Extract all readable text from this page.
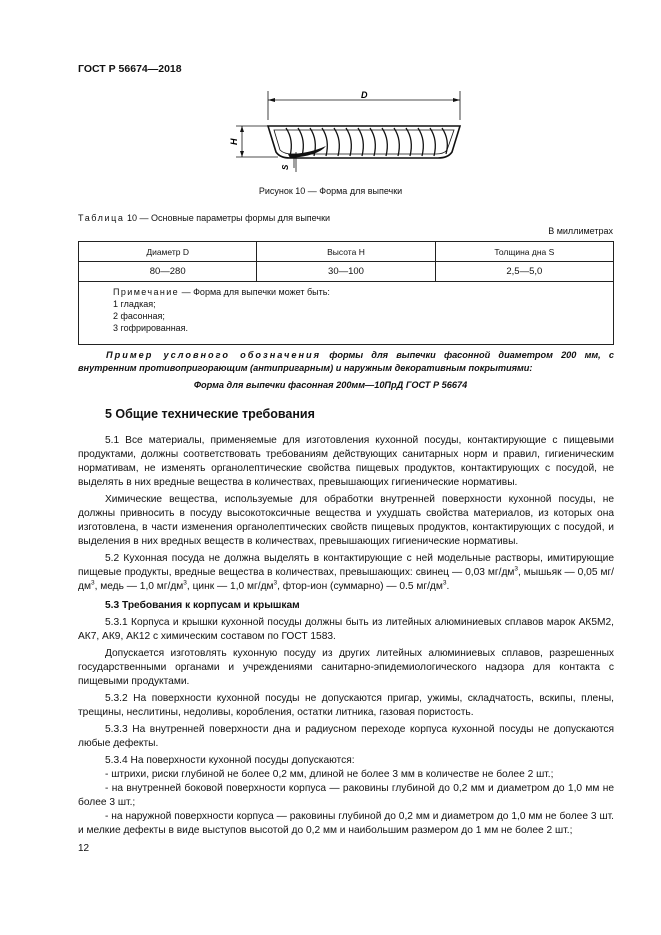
ГОСТ Р 56674—2018
D
H
S
Рисунок 10 — Форма для выпечки
Таблица 10 — Основные параметры формы для выпечки
В миллиметрах
Диаметр D	Высота H	Толщина дна S
80—280	30—100	2,5—5,0

Примечание — Форма для выпечки может быть:
1 гладкая;
2 фасонная;
3 гофрированная.		
Пример условного обозначения формы для выпечки фасонной диаметром 200 мм, с внутренним противопригорающим (антипригарным) и наружным декоративным покрытиями:
Форма для выпечки фасонная 200мм—10ПрД ГОСТ Р 56674
5 Общие технические требования

5.1 Все материалы, применяемые для изготовления кухонной посуды, контактирующие с пищевыми продуктами, должны соответствовать требованиям действующих санитарных норм и правил, гигиеническим нормативам, не изменять органолептические свойства пищевых продуктов, контактирующих с посудой, не выделять в них вредные вещества в количествах, превышающих гигиенические нормативы.

Химические вещества, используемые для обработки внутренней поверхности кухонной посуды, не должны привносить в посуду высокотоксичные вещества и ухудшать свойства материалов, из которых она изготовлена, в части изменения органолептических свойств пищевых продуктов, контактирующих с посудой, и выделения в них вредных веществ в количествах, превышающих гигиенические нормативы.

5.2 Кухонная посуда не должна выделять в контактирующие с ней модельные растворы, имитирующие пищевые продукты, вредные вещества в количествах, превышающих: свинец — 0,03 $мг/дм^3$, мышьяк — 0,05 $мг/дм^3$, медь — 1,0 $мг/дм^3$, цинк — 1,0 $мг/дм^3$, фтор-ион (суммарно) — 0.5 $мг/дм^3$.

5.3 Требования к корпусам и крышкам

5.3.1 Корпуса и крышки кухонной посуды должны быть из литейных алюминиевых сплавов марок АК5М2, АК7, АК9, АК12 с химическим составом по ГОСТ 1583.

Допускается изготовлять кухонную посуду из других литейных алюминиевых сплавов, разрешенных государственными органами и учреждениями санитарно-эпидемиологического надзора для контакта с пищевыми продуктами.

5.3.2 На поверхности кухонной посуды не допускаются пригар, ужимы, складчатость, вскипы, плены, трещины, неслитины, недоливы, коробления, остатки литника, газовая пористость.

5.3.3 На внутренней поверхности дна и радиусном переходе корпуса кухонной посуды не допускаются любые дефекты.

5.3.4 На поверхности кухонной посуды допускаются:

- штрихи, риски глубиной не более 0,2 мм, длиной не более 3 мм в количестве не более 2 шт.;

- на внутренней боковой поверхности корпуса — раковины глубиной до 0,2 мм и диаметром до 1,0 мм не более 3 шт.;

- на наружной поверхности корпуса — раковины глубиной до 0,2 мм и диаметром до 1,0 мм не более 3 шт. и мелкие дефекты в виде выступов высотой до 0,2 мм и наибольшим размером до 1 мм не более 2 шт.;

12
